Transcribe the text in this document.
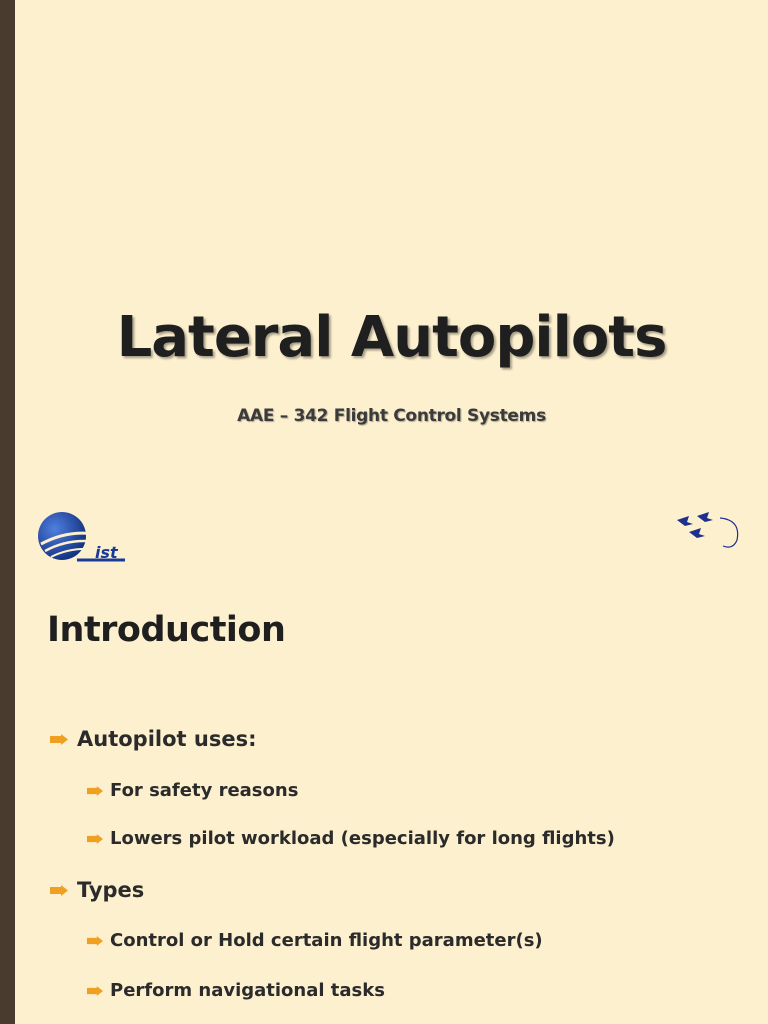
Lateral Autopilots
AAE – 342 Flight Control Systems
ist
Introduction
Autopilot uses:
For safety reasons
Lowers pilot workload (especially for long flights)
Types
Control or Hold certain flight parameter(s)
Perform navigational tasks
